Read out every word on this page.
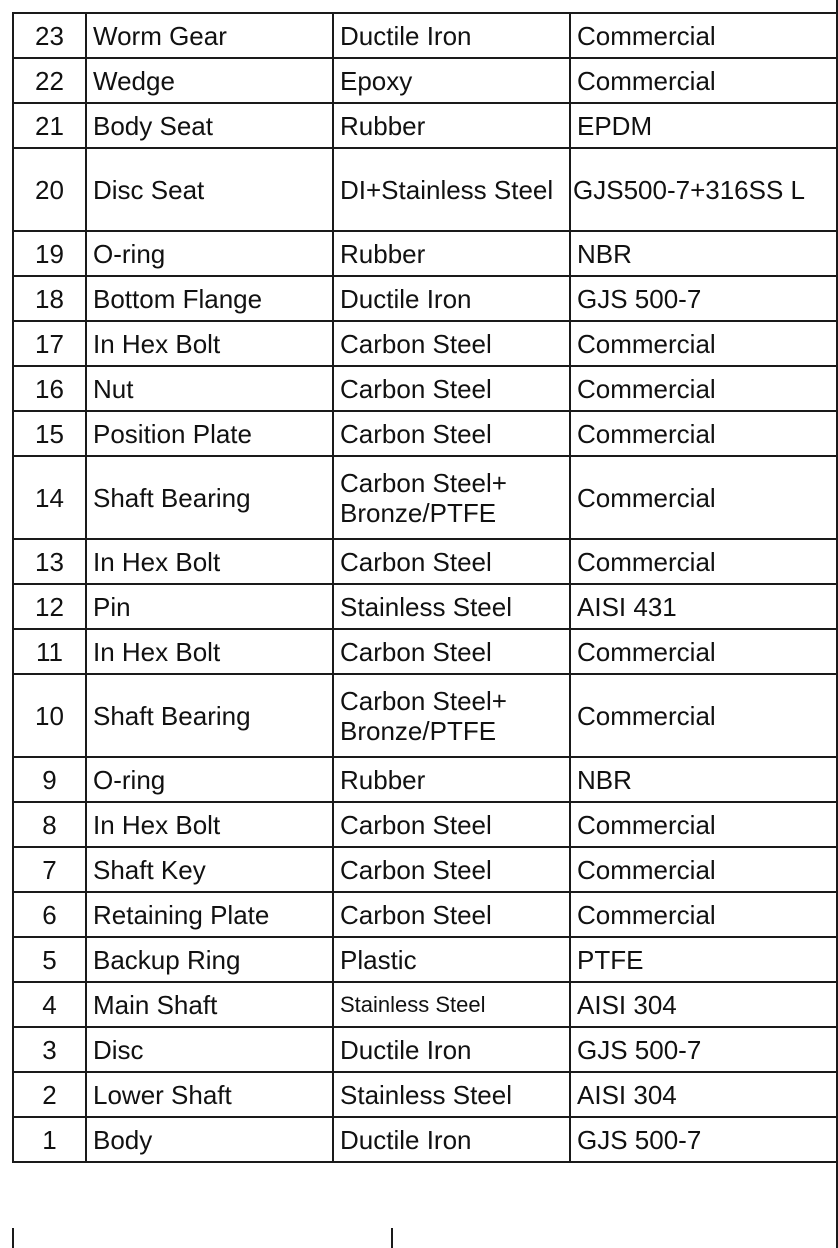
23	Worm Gear	Ductile Iron	Commercial
22	Wedge	Epoxy	Commercial
21	Body Seat	Rubber	EPDM
20	Disc Seat	DI+Stainless Steel	GJS500-7+316SS L
19	O-ring	Rubber	NBR
18	Bottom Flange	Ductile Iron	GJS 500-7
17	In Hex Bolt	Carbon Steel	Commercial
16	Nut	Carbon Steel	Commercial
15	Position Plate	Carbon Steel	Commercial
14	Shaft Bearing	Carbon Steel+ Bronze/PTFE	Commercial
13	In Hex Bolt	Carbon Steel	Commercial
12	Pin	Stainless Steel	AISI 431
11	In Hex Bolt	Carbon Steel	Commercial
10	Shaft Bearing	Carbon Steel+ Bronze/PTFE	Commercial
9	O-ring	Rubber	NBR
8	In Hex Bolt	Carbon Steel	Commercial
7	Shaft Key	Carbon Steel	Commercial
6	Retaining Plate	Carbon Steel	Commercial
5	Backup Ring	Plastic	PTFE
4	Main Shaft	Stainless Steel	AISI 304
3	Disc	Ductile Iron	GJS 500-7
2	Lower Shaft	Stainless Steel	AISI 304
1	Body	Ductile Iron	GJS 500-7
